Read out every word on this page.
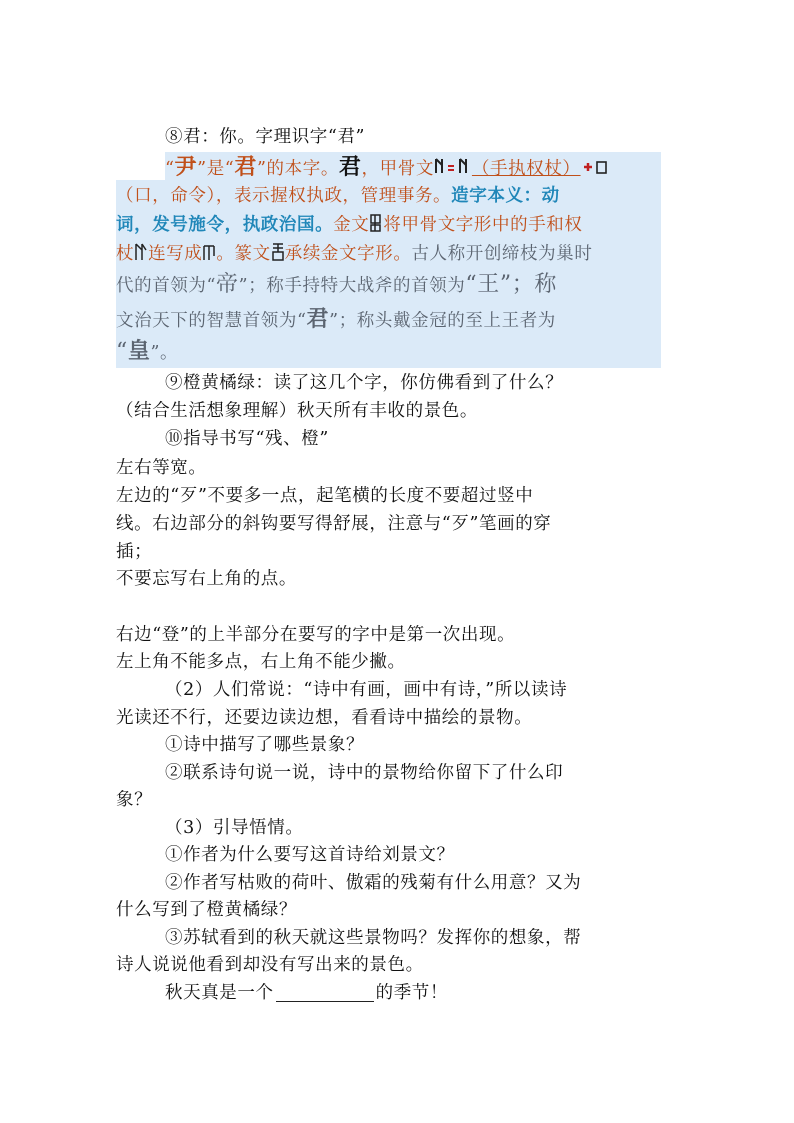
⑧君：你。字理识字“君”
“尹”是“君”的本字。君，甲骨文 （手执权杖）
（口，命令），表示握权执政，管理事务。造字本义：动
词，发号施令，执政治国。金文 将甲骨文字形中的手和权
杖 连写成 。篆文 承续金文字形。古人称开创缔枝为巢时
代的首领为“帝”；称手持特大战斧的首领为“王”；称
文治天下的智慧首领为“君”；称头戴金冠的至上王者为
“皇”。
⑨橙黄橘绿：读了这几个字，你仿佛看到了什么？
（结合生活想象理解）秋天所有丰收的景色。
⑩指导书写“残、橙”
左右等宽。
左边的“歹”不要多一点，起笔横的长度不要超过竖中
线。右边部分的斜钩要写得舒展，注意与“歹”笔画的穿
插；
不要忘写右上角的点。
右边“登”的上半部分在要写的字中是第一次出现。
左上角不能多点，右上角不能少撇。
（2）人们常说：“诗中有画，画中有诗，”所以读诗
光读还不行，还要边读边想，看看诗中描绘的景物。
①诗中描写了哪些景象？
②联系诗句说一说，诗中的景物给你留下了什么印
象？
（3）引导悟情。
①作者为什么要写这首诗给刘景文？
②作者写枯败的荷叶、傲霜的残菊有什么用意？又为
什么写到了橙黄橘绿？
③苏轼看到的秋天就这些景物吗？发挥你的想象，帮
诗人说说他看到却没有写出来的景色。
秋天真是一个	的季节！
